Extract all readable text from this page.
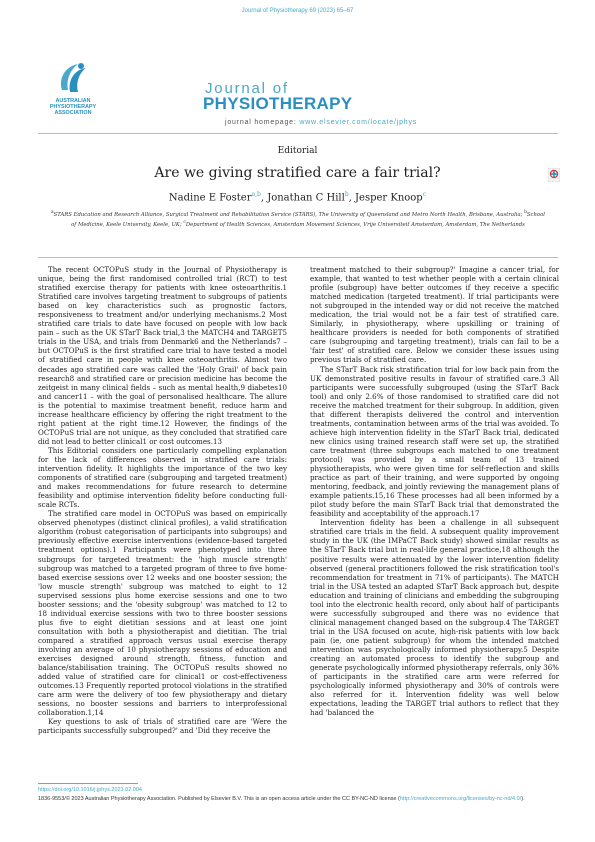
Journal of Physiotherapy 69 (2023) 65–67
AUSTRALIAN
PHYSIOTHERAPY
ASSOCIATION
Journal of
PHYSIOTHERAPY
journal homepage: www.elsevier.com/locate/jphys
Editorial
Are we giving stratified care a fair trial?
Nadine E Foster$^{a,b}$, Jonathan C Hill$^b$, Jesper Knoop$^c$
$^a$STARS Education and Research Alliance, Surgical Treatment and Rehabilitation Service (STARS), The University of Queensland and Metro North Health, Brisbane, Australia; $^b$School of Medicine, Keele University, Keele, UK; $^c$Department of Health Sciences, Amsterdam Movement Sciences, Vrije Universiteit Amsterdam, Amsterdam, The Netherlands

The recent OCTOPuS study in the Journal of Physiotherapy is unique, being the first randomised controlled trial (RCT) to test stratified exercise therapy for patients with knee osteoarthritis.1 Stratified care involves targeting treatment to subgroups of patients based on key characteristics such as prognostic factors, responsiveness to treatment and/or underlying mechanisms.2 Most stratified care trials to date have focused on people with low back pain – such as the UK STarT Back trial,3 the MATCH4 and TARGET5 trials in the USA, and trials from Denmark6 and the Netherlands7 – but OCTOPuS is the first stratified care trial to have tested a model of stratified care in people with knee osteoarthritis. Almost two decades ago stratified care was called the 'Holy Grail' of back pain research8 and stratified care or precision medicine has become the zeitgeist in many clinical fields – such as mental health,9 diabetes10 and cancer11 – with the goal of personalised healthcare. The allure is the potential to maximise treatment benefit, reduce harm and increase healthcare efficiency by offering the right treatment to the right patient at the right time.12 However, the findings of the OCTOPuS trial are not unique, as they concluded that stratified care did not lead to better clinical1 or cost outcomes.13

This Editorial considers one particularly compelling explanation for the lack of differences observed in stratified care trials: intervention fidelity. It highlights the importance of the two key components of stratified care (subgrouping and targeted treatment) and makes recommendations for future research to determine feasibility and optimise intervention fidelity before conducting full-scale RCTs.

The stratified care model in OCTOPuS was based on empirically observed phenotypes (distinct clinical profiles), a valid stratification algorithm (robust categorisation of participants into subgroups) and previously effective exercise interventions (evidence-based targeted treatment options).1 Participants were phenotyped into three subgroups for targeted treatment: the 'high muscle strength' subgroup was matched to a targeted program of three to five home-based exercise sessions over 12 weeks and one booster session; the 'low muscle strength' subgroup was matched to eight to 12 supervised sessions plus home exercise sessions and one to two booster sessions; and the 'obesity subgroup' was matched to 12 to 18 individual exercise sessions with two to three booster sessions plus five to eight dietitian sessions and at least one joint consultation with both a physiotherapist and dietitian. The trial compared a stratified approach versus usual exercise therapy involving an average of 10 physiotherapy sessions of education and exercises designed around strength, fitness, function and balance/stabilisation training. The OCTOPuS results showed no added value of stratified care for clinical1 or cost-effectiveness outcomes.13 Frequently reported protocol violations in the stratified care arm were the delivery of too few physiotherapy and dietary sessions, no booster sessions and barriers to interprofessional collaboration.1,14

Key questions to ask of trials of stratified care are 'Were the participants successfully subgrouped?' and 'Did they receive the

treatment matched to their subgroup?' Imagine a cancer trial, for example, that wanted to test whether people with a certain clinical profile (subgroup) have better outcomes if they receive a specific matched medication (targeted treatment). If trial participants were not subgrouped in the intended way or did not receive the matched medication, the trial would not be a fair test of stratified care. Similarly, in physiotherapy, where upskilling or training of healthcare providers is needed for both components of stratified care (subgrouping and targeting treatment), trials can fail to be a 'fair test' of stratified care. Below we consider these issues using previous trials of stratified care.

The STarT Back risk stratification trial for low back pain from the UK demonstrated positive results in favour of stratified care.3 All participants were successfully subgrouped (using the STarT Back tool) and only 2.6% of those randomised to stratified care did not receive the matched treatment for their subgroup. In addition, given that different therapists delivered the control and intervention treatments, contamination between arms of the trial was avoided. To achieve high intervention fidelity in the STarT Back trial, dedicated new clinics using trained research staff were set up, the stratified care treatment (three subgroups each matched to one treatment protocol) was provided by a small team of 13 trained physiotherapists, who were given time for self-reflection and skills practice as part of their training, and were supported by ongoing mentoring, feedback, and jointly reviewing the management plans of example patients.15,16 These processes had all been informed by a pilot study before the main STarT Back trial that demonstrated the feasibility and acceptability of the approach.17

Intervention fidelity has been a challenge in all subsequent stratified care trials in the field. A subsequent quality improvement study in the UK (the IMPaCT Back study) showed similar results as the STarT Back trial but in real-life general practice,18 although the positive results were attenuated by the lower intervention fidelity observed (general practitioners followed the risk stratification tool's recommendation for treatment in 71% of participants). The MATCH trial in the USA tested an adapted STarT Back approach but, despite education and training of clinicians and embedding the subgrouping tool into the electronic health record, only about half of participants were successfully subgrouped and there was no evidence that clinical management changed based on the subgroup.4 The TARGET trial in the USA focused on acute, high-risk patients with low back pain (ie, one patient subgroup) for whom the intended matched intervention was psychologically informed physiotherapy.5 Despite creating an automated process to identify the subgroup and generate psychologically informed physiotherapy referrals, only 36% of participants in the stratified care arm were referred for psychologically informed physiotherapy and 30% of controls were also referred for it. Intervention fidelity was well below expectations, leading the TARGET trial authors to reflect that they had 'balanced the

https://doi.org/10.1016/j.jphys.2023.02.004
1836-9553/© 2023 Australian Physiotherapy Association. Published by Elsevier B.V. This is an open access article under the CC BY-NC-ND license (http://creativecommons.org/licenses/by-nc-nd/4.0/).
